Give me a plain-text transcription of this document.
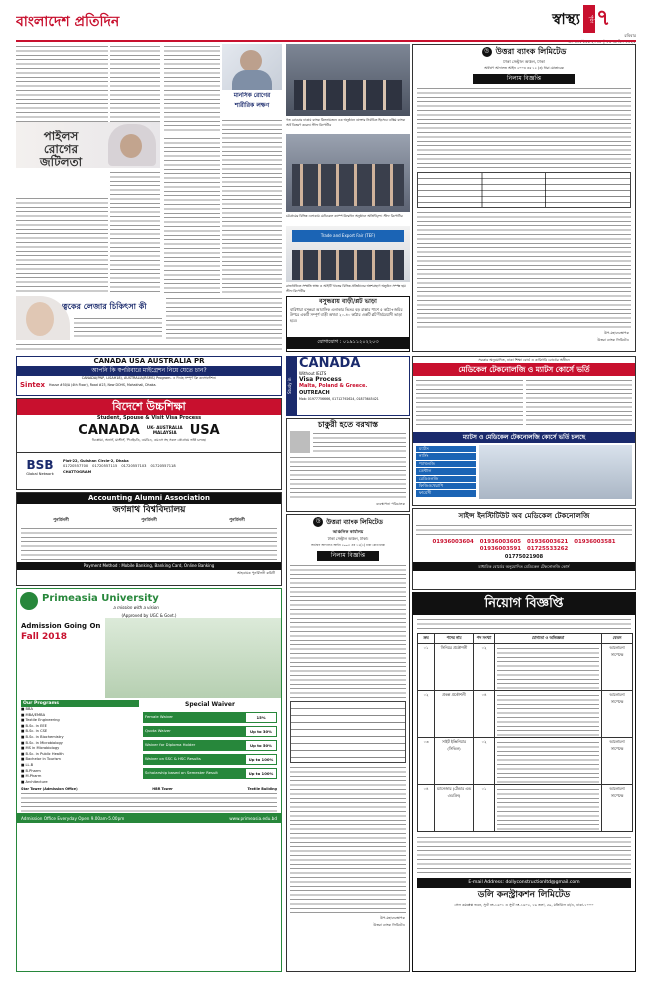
বাংলাদেশ প্রতিদিন	স্বাস্থ্য	পৃষ্ঠা ৭
রবিবার
পাইলস
রোগের
জটিলতা
ত্বকের লেজার চিকিৎসা কী
মানসিক রোগের
শারীরিক লক্ষণ
গত রোববার ঢাকায় ব্যাংক মিলনায়তনে এক অনুষ্ঠানে ডাক্তার নির্বাচিত হিসেবে এক্সিম ব্যাংক অর্থ বিতরণ করেন। স্টাফ রিপোর্টার
চট্টগ্রামের বিভিন্ন এলাকায় মেডিকেল ক্যাম্প উদ্বোধন অনুষ্ঠানে অতিথিবৃন্দ। স্টাফ রিপোর্টার
Trade and Export Fair (TEF)
রাজধানীতে সম্প্রতি স্বাস্থ্য ও আইটি খাতের বিভিন্ন প্রতিষ্ঠানের অংশগ্রহণে অনুষ্ঠান সম্পন্ন হয়। স্টাফ রিপোর্টার
বসুন্ধরায় বাড়ী/প্লট ভাড়া
বারিধারা বসুন্ধরা আবাসিক এলাকার ভিতর বড় রাস্তার পাশে ৫ কাঠা+জমির উপরে একটি সম্পূর্ণ বাড়ী অথবা ২০-৪০ কাঠার একটি প্লট দীর্ঘমেয়াদী ভাড়া হবে।
যোগাযোগ :
০১৯১১২০২২০৩
উ উত্তরা ব্যাংক লিমিটেড
ঢাকা সেন্ট্রাল অঞ্চল, ঢাকা
অর্থঋণ আদালত আইন ২০০৩ এর ১২ (৩) ধারা মোতাবেক
নিলাম বিজ্ঞপ্তি
উপ-মহাব্যবস্থাপক
উত্তরা ব্যাংক লিমিটেড
CANADA USA AUSTRALIA PR
আপনি কি স্বপরিবারে মাইগ্রেশন নিয়ে যেতে চান?
CANADA(PNP, LISAH18), AUSTRALIA(RSMS) Program- এ দিচ্ছে সম্পূর্ণ ফ্রি কনসাল্টেশন।
Sintex House #50/A (4th Floor), Road #23, New DOHS, Mohakhali, Dhaka.
বিদেশে উচ্চশিক্ষা
Student, Spouse & Visit Visa Process
CANADA UK- AUSTRALIA MALAYSIA	USA
ডিপ্লোমা, অনার্স, মাস্টার্স, পিএইচডি, এমবিএ, এমএস সহ সকল প্রোগ্রামে ভর্তি চলছে।
BSB
Global Network
Plot-22, Gulshan Circle-2, Dhaka
01720557700 01720557115 01720557103 01720557118
CHATTOGRAM
Accounting Alumni Association
জগন্নাথ বিশ্ববিদ্যালয়
পুনর্মিলনী	পুনর্মিলনী	পুনর্মিলনী
Payment Method : Mobile Banking, Banking Card, Online Banking
আহবায়ক পুনর্মিলনী কমিটি
Primeasia University
a mission with a vision
(Approved by UGC & Govt.)
Admission Going On
Fall 2018
Our Programs
■ BBA
■ MBA/EMBA
■ Textile Engineering
■ B.Sc. in EEE
■ B.Sc. in CSE
■ B.Sc. in Biochemistry
■ B.Sc. in Microbiology
■ MS in Microbiology
■ B.Sc. in Public Health
■ Bachelor in Tourism
■ LL.B
■ B.Pharm
■ M.Pharm
■ Architecture
Special Waiver
Female Waiver	15%
Quota Waiver	Up to 30%
Waiver for Diploma Holder	Up to 50%
Waiver on SSC & HSC Results	Up to 100%
Scholarship based on Semester Result	Up to 100%
Star Tower (Admission Office)	HBR Tower	Textile Building
Admission Office Everyday Open 9.00am-5.00pm	www.primeasia.edu.bd
Study in
CANADA
Without IELTS
Visa Process
Malta, Poland & Greece.
OUTREACH
Mob: 01977756666, 01712792624, 01873645421
চাকুরী হতে বরখাস্ত
ব্যবস্থাপনা পরিচালক
উ উত্তরা ব্যাংক লিমিটেড
আঞ্চলিক কার্যালয়
ঢাকা সেন্ট্রাল অঞ্চল, ঢাকা।
অর্থঋণ আদালত আইন ২০০৩ এর ১২(৩) ধারা মোতাবেক
নিলাম বিজ্ঞপ্তি
উপ-মহাব্যবস্থাপক
উত্তরা ব্যাংক লিমিটেড
সরকার অনুমোদিত, ঢাকা শিক্ষা বোর্ড ও কারিগরি বোর্ডের অধীনে
মেডিকেল টেকনোলজি ও ম্যাটস কোর্সে ভর্তি
ম্যাটস ও মেডিকেল টেকনোলজি কোর্সে ভর্তি চলছে
ম্যাটস
নার্সিং
প্যাথলজি
ডেন্টাল
রেডিওলজি
ফিজিওথেরাপি
ফার্মেসী
সাইন্স ইনস্টিটিউট অব মেডিকেল টেকনোলজি
01936003604 01936003605 01936003621 01936003581
01936003591 01725533262
01775021908
মাধ্যমিক বোর্ডের অনুমোদিত মেডিকেল টেকনোলজি কোর্স
নিয়োগ বিজ্ঞপ্তি
ক্রম	পদের নাম	পদ সংখ্যা	যোগ্যতা ও অভিজ্ঞতা	বেতন
০১	সিনিয়র প্রকৌশলী	০২		আলোচনা সাপেক্ষে
০২	প্রকল্প প্রকৌশলী	০৪		আলোচনা সাপেক্ষে
০৩	সাইট ইঞ্জিনিয়ার (সিভিল)	০২		আলোচনা সাপেক্ষে
০৪	ম্যানেজার (টেন্ডার এন্ড এডমিন)	০১		আলোচনা সাপেক্ষে
E-mail Address: dollyconstructionltd@gmail.com
ডলি কনস্ট্রাকশন লিমিটেড
সেল কমপ্লেক্স ভবন, স্যুট নং-১৬০১ ও স্যুট নং-১৬০২, ১৬ তলা, ৫৯, মতিঝিল বা/এ, ঢাকা-১০০০
